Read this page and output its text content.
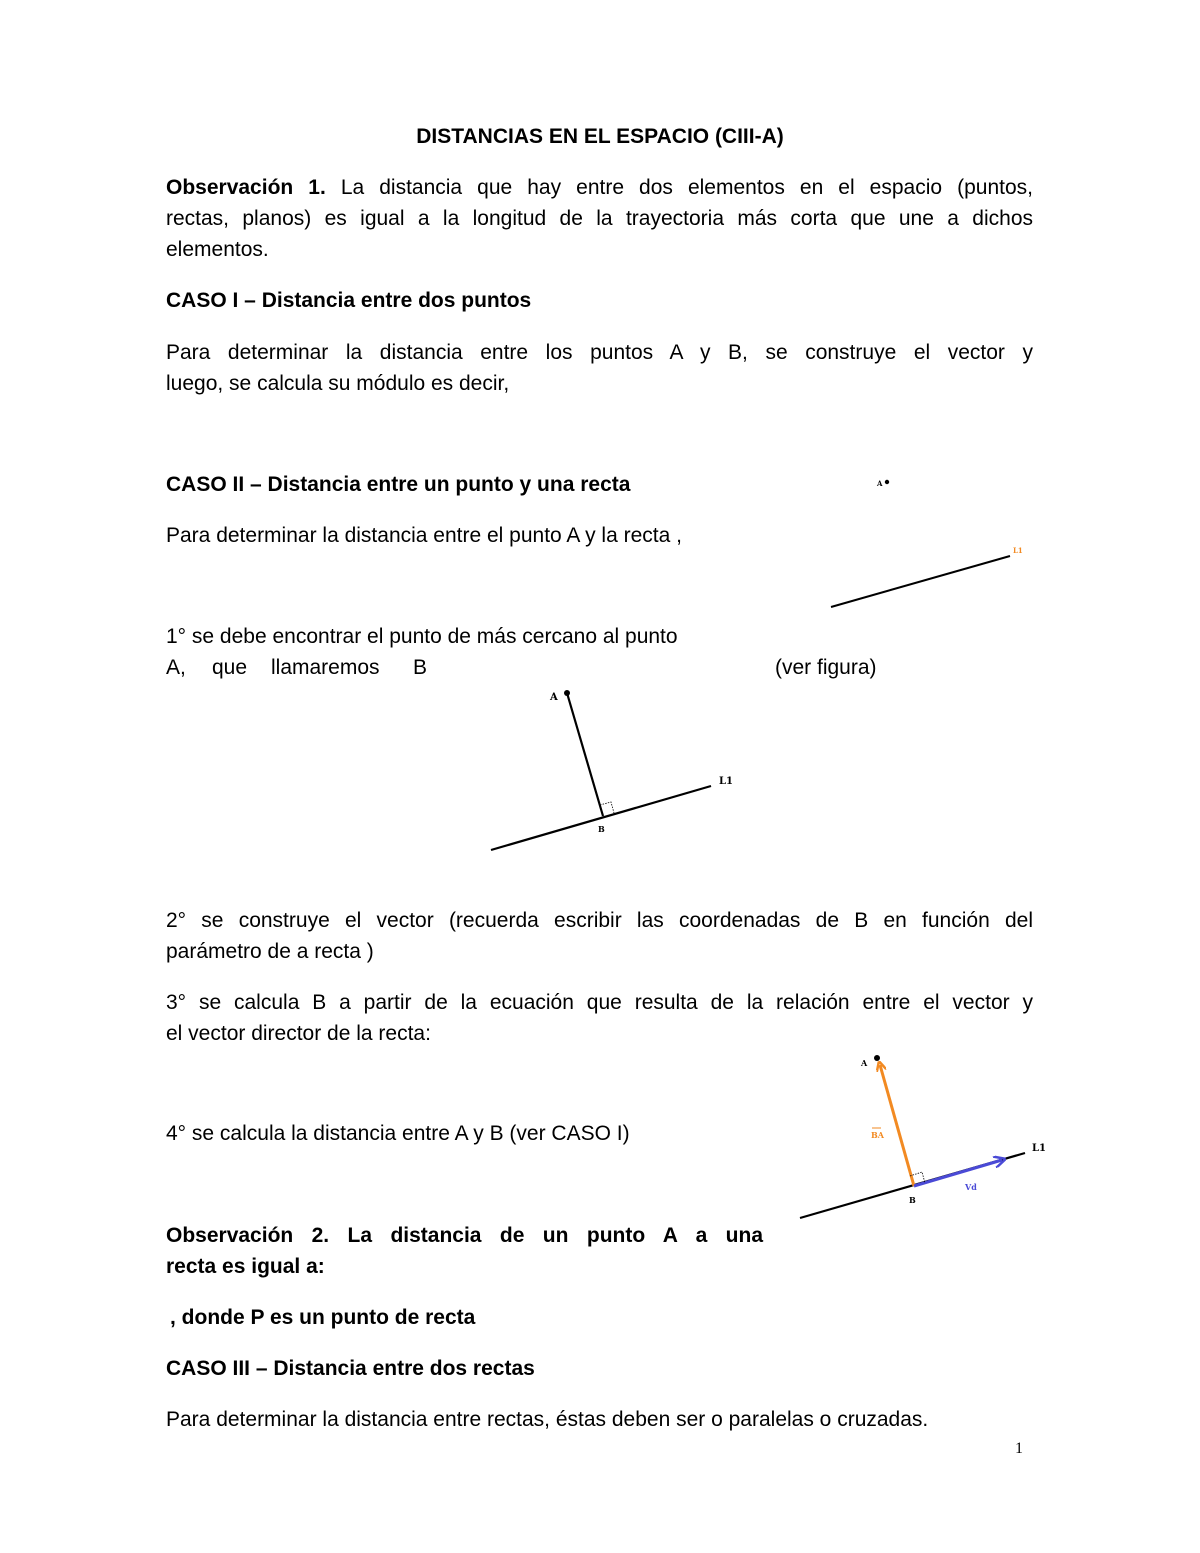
DISTANCIAS EN EL ESPACIO (CIII-A)
Observación 1. La distancia que hay entre dos elementos en el espacio (puntos,
rectas, planos) es igual a la longitud de la trayectoria más corta que une a dichos
elementos.
CASO I – Distancia entre dos puntos
Para determinar la distancia entre los puntos A y B, se construye el vector y
luego, se calcula su módulo es decir,
CASO II – Distancia entre un punto y una recta
Para determinar la distancia entre el punto A y la recta ,
1° se debe encontrar el punto de más cercano al punto
A, que llamaremos B	(ver figura)
2° se construye el vector (recuerda escribir las coordenadas de B en función del
parámetro de a recta )
3° se calcula B a partir de la ecuación que resulta de la relación entre el vector y
el vector director de la recta:
4° se calcula la distancia entre A y B (ver CASO I)
Observación 2. La distancia de un punto A a una
recta es igual a:
, donde P es un punto de recta
CASO III – Distancia entre dos rectas
Para determinar la distancia entre rectas, éstas deben ser o paralelas o cruzadas.
1
A
L1
A
B
L1
A
B
L1
BA
Vd
